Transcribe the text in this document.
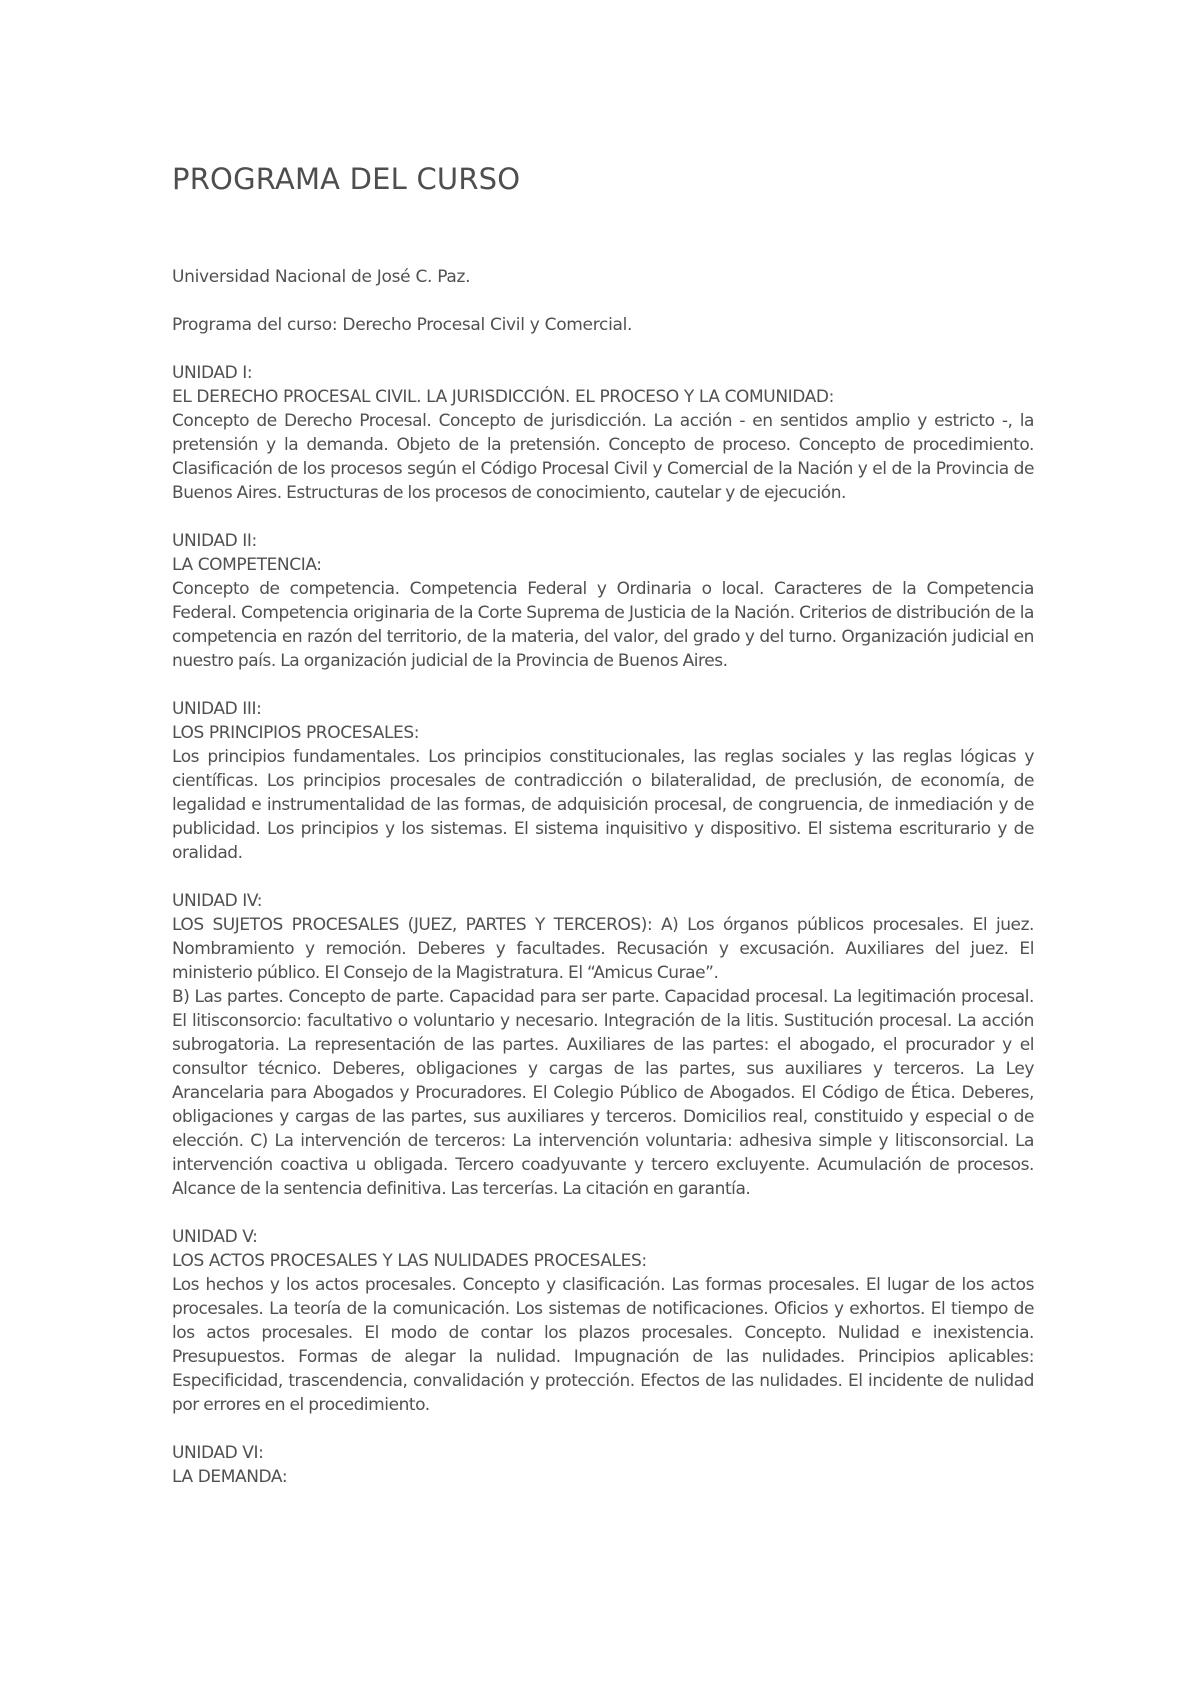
PROGRAMA DEL CURSO

Universidad Nacional de José C. Paz.

Programa del curso: Derecho Procesal Civil y Comercial.

UNIDAD I:

EL DERECHO PROCESAL CIVIL. LA JURISDICCIÓN. EL PROCESO Y LA COMUNIDAD:

Concepto de Derecho Procesal. Concepto de jurisdicción. La acción - en sentidos amplio y estricto -, la pretensión y la demanda. Objeto de la pretensión. Concepto de proceso. Concepto de procedimiento. Clasificación de los procesos según el Código Procesal Civil y Comercial de la Nación y el de la Provincia de Buenos Aires. Estructuras de los procesos de conocimiento, cautelar y de ejecución.

UNIDAD II:

LA COMPETENCIA:

Concepto de competencia. Competencia Federal y Ordinaria o local. Caracteres de la Competencia Federal. Competencia originaria de la Corte Suprema de Justicia de la Nación. Criterios de distribución de la competencia en razón del territorio, de la materia, del valor, del grado y del turno. Organización judicial en nuestro país. La organización judicial de la Provincia de Buenos Aires.

UNIDAD III:

LOS PRINCIPIOS PROCESALES:

Los principios fundamentales. Los principios constitucionales, las reglas sociales y las reglas lógicas y científicas. Los principios procesales de contradicción o bilateralidad, de preclusión, de economía, de legalidad e instrumentalidad de las formas, de adquisición procesal, de congruencia, de inmediación y de publicidad. Los principios y los sistemas. El sistema inquisitivo y dispositivo. El sistema escriturario y de oralidad.

UNIDAD IV:

LOS SUJETOS PROCESALES (JUEZ, PARTES Y TERCEROS): A) Los órganos públicos procesales. El juez. Nombramiento y remoción. Deberes y facultades. Recusación y excusación. Auxiliares del juez. El ministerio público. El Consejo de la Magistratura. El “Amicus Curae”.

B) Las partes. Concepto de parte. Capacidad para ser parte. Capacidad procesal. La legitimación procesal. El litisconsorcio: facultativo o voluntario y necesario. Integración de la litis. Sustitución procesal. La acción subrogatoria. La representación de las partes. Auxiliares de las partes: el abogado, el procurador y el consultor técnico. Deberes, obligaciones y cargas de las partes, sus auxiliares y terceros. La Ley Arancelaria para Abogados y Procuradores. El Colegio Público de Abogados. El Código de Ética. Deberes, obligaciones y cargas de las partes, sus auxiliares y terceros. Domicilios real, constituido y especial o de elección. C) La intervención de terceros: La intervención voluntaria: adhesiva simple y litisconsorcial. La intervención coactiva u obligada. Tercero coadyuvante y tercero excluyente. Acumulación de procesos. Alcance de la sentencia definitiva. Las tercerías. La citación en garantía.

UNIDAD V:

LOS ACTOS PROCESALES Y LAS NULIDADES PROCESALES:

Los hechos y los actos procesales. Concepto y clasificación. Las formas procesales. El lugar de los actos procesales. La teoría de la comunicación. Los sistemas de notificaciones. Oficios y exhortos. El tiempo de los actos procesales. El modo de contar los plazos procesales. Concepto. Nulidad e inexistencia. Presupuestos. Formas de alegar la nulidad. Impugnación de las nulidades. Principios aplicables: Especificidad, trascendencia, convalidación y protección. Efectos de las nulidades. El incidente de nulidad por errores en el procedimiento.

UNIDAD VI:

LA DEMANDA:
